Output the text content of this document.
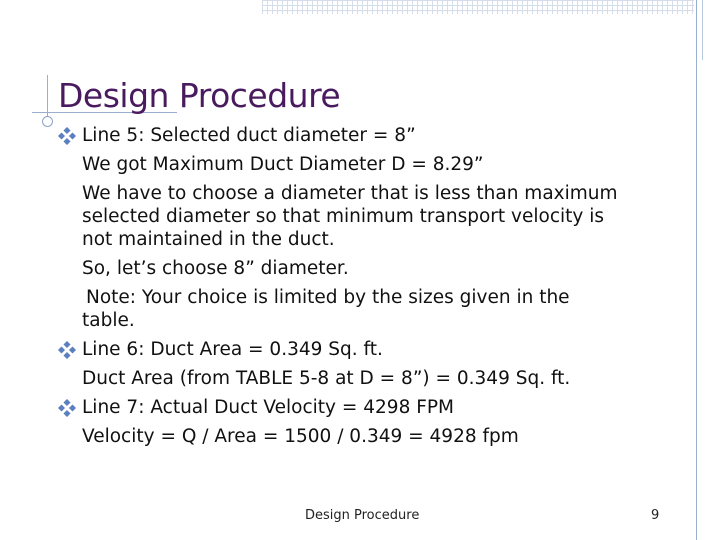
Design Procedure
Line 5: Selected duct diameter = 8”
We got Maximum Duct Diameter D = 8.29”
We have to choose a diameter that is less than maximum
selected diameter so that minimum transport velocity is
not maintained in the duct.
So, let’s choose 8” diameter.
Note: Your choice is limited by the sizes given in the
table.
Line 6: Duct Area = 0.349 Sq. ft.
Duct Area (from TABLE 5-8 at D = 8”) = 0.349 Sq. ft.
Line 7: Actual Duct Velocity = 4298 FPM
Velocity = Q / Area = 1500 / 0.349 = 4928 fpm
Design Procedure	9
